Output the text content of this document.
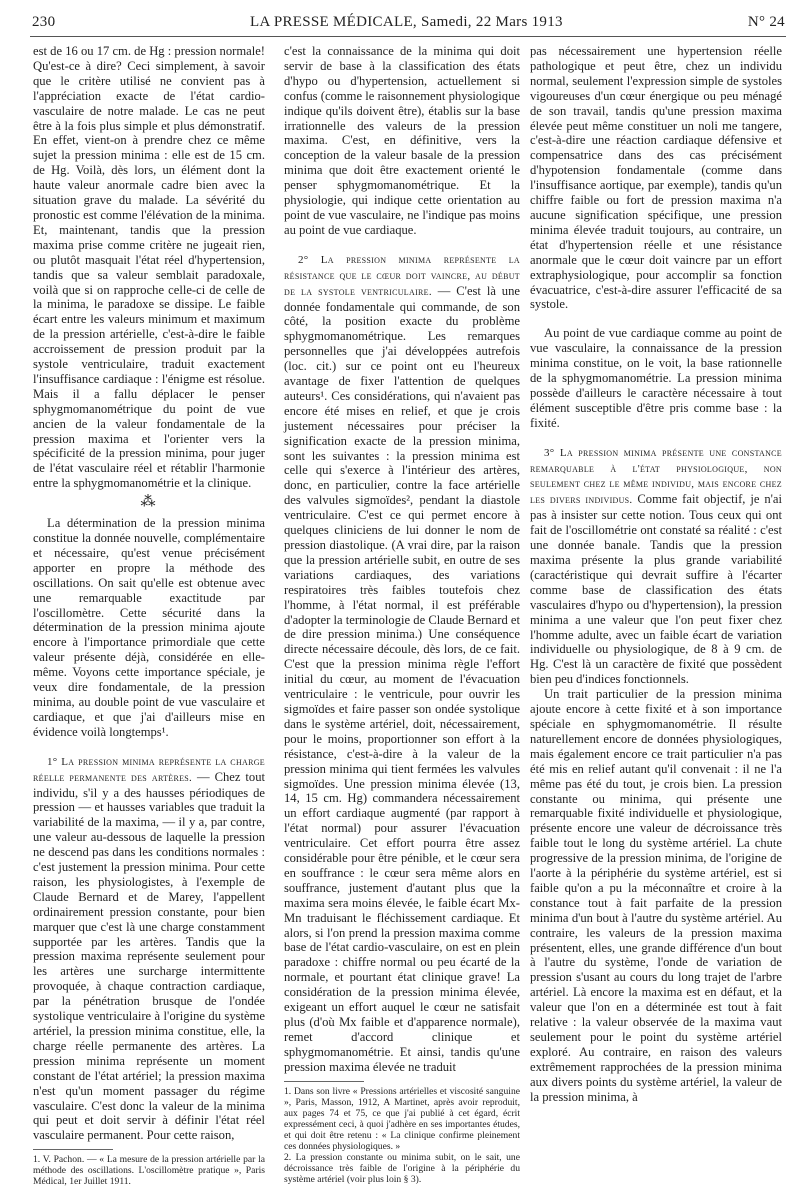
230	LA PRESSE MÉDICALE, Samedi, 22 Mars 1913	N° 24

est de 16 ou 17 cm. de Hg : pression normale! Qu'est-ce à dire? Ceci simplement, à savoir que le critère utilisé ne convient pas à l'appréciation exacte de l'état cardio-vasculaire de notre malade. Le cas ne peut être à la fois plus simple et plus démonstratif. En effet, vient-on à prendre chez ce même sujet la pression minima : elle est de 15 cm. de Hg. Voilà, dès lors, un élément dont la haute valeur anormale cadre bien avec la situation grave du malade. La sévérité du pronostic est comme l'élévation de la minima. Et, maintenant, tandis que la pression maxima prise comme critère ne jugeait rien, ou plutôt masquait l'état réel d'hypertension, tandis que sa valeur semblait paradoxale, voilà que si on rapproche celle-ci de celle de la minima, le paradoxe se dissipe. Le faible écart entre les valeurs minimum et maximum de la pression artérielle, c'est-à-dire le faible accroissement de pression produit par la systole ventriculaire, traduit exactement l'insuffisance cardiaque : l'énigme est résolue. Mais il a fallu déplacer le penser sphygmomanométrique du point de vue ancien de la valeur fondamentale de la pression maxima et l'orienter vers la spécificité de la pression minima, pour juger de l'état vasculaire réel et rétablir l'harmonie entre la sphygmomanométrie et la clinique.

⁂

La détermination de la pression minima constitue la donnée nouvelle, complémentaire et nécessaire, qu'est venue précisément apporter en propre la méthode des oscillations. On sait qu'elle est obtenue avec une remarquable exactitude par l'oscillomètre. Cette sécurité dans la détermination de la pression minima ajoute encore à l'importance primordiale que cette valeur présente déjà, considérée en elle-même. Voyons cette importance spéciale, je veux dire fondamentale, de la pression minima, au double point de vue vasculaire et cardiaque, et que j'ai d'ailleurs mise en évidence voilà longtemps¹.

1° La pression minima représente la charge réelle permanente des artères. — Chez tout individu, s'il y a des hausses périodiques de pression — et hausses variables que traduit la variabilité de la maxima, — il y a, par contre, une valeur au-dessous de laquelle la pression ne descend pas dans les conditions normales : c'est justement la pression minima. Pour cette raison, les physiologistes, à l'exemple de Claude Bernard et de Marey, l'appellent ordinairement pression constante, pour bien marquer que c'est là une charge constamment supportée par les artères. Tandis que la pression maxima représente seulement pour les artères une surcharge intermittente provoquée, à chaque contraction cardiaque, par la pénétration brusque de l'ondée systolique ventriculaire à l'origine du système artériel, la pression minima constitue, elle, la charge réelle permanente des artères. La pression minima représente un moment constant de l'état artériel; la pression maxima n'est qu'un moment passager du régime vasculaire. C'est donc la valeur de la minima qui peut et doit servir à définir l'état réel vasculaire permanent. Pour cette raison,

1. V. Pachon. — « La mesure de la pression artérielle par la méthode des oscillations. L'oscillomètre pratique », Paris Médical, 1er Juillet 1911.

c'est la connaissance de la minima qui doit servir de base à la classification des états d'hypo ou d'hypertension, actuellement si confus (comme le raisonnement physiologique indique qu'ils doivent être), établis sur la base irrationnelle des valeurs de la pression maxima. C'est, en définitive, vers la conception de la valeur basale de la pression minima que doit être exactement orienté le penser sphygmomanométrique. Et la physiologie, qui indique cette orientation au point de vue vasculaire, ne l'indique pas moins au point de vue cardiaque.

2° La pression minima représente la résistance que le cœur doit vaincre, au début de la systole ventriculaire. — C'est là une donnée fondamentale qui commande, de son côté, la position exacte du problème sphygmomanométrique. Les remarques personnelles que j'ai développées autrefois (loc. cit.) sur ce point ont eu l'heureux avantage de fixer l'attention de quelques auteurs¹. Ces considérations, qui n'avaient pas encore été mises en relief, et que je crois justement nécessaires pour préciser la signification exacte de la pression minima, sont les suivantes : la pression minima est celle qui s'exerce à l'intérieur des artères, donc, en particulier, contre la face artérielle des valvules sigmoïdes², pendant la diastole ventriculaire. C'est ce qui permet encore à quelques cliniciens de lui donner le nom de pression diastolique. (A vrai dire, par la raison que la pression artérielle subit, en outre de ses variations cardiaques, des variations respiratoires très faibles toutefois chez l'homme, à l'état normal, il est préférable d'adopter la terminologie de Claude Bernard et de dire pression minima.) Une conséquence directe nécessaire découle, dès lors, de ce fait. C'est que la pression minima règle l'effort initial du cœur, au moment de l'évacuation ventriculaire : le ventricule, pour ouvrir les sigmoïdes et faire passer son ondée systolique dans le système artériel, doit, nécessairement, pour le moins, proportionner son effort à la résistance, c'est-à-dire à la valeur de la pression minima qui tient fermées les valvules sigmoïdes. Une pression minima élevée (13, 14, 15 cm. Hg) commandera nécessairement un effort cardiaque augmenté (par rapport à l'état normal) pour assurer l'évacuation ventriculaire. Cet effort pourra être assez considérable pour être pénible, et le cœur sera en souffrance : le cœur sera même alors en souffrance, justement d'autant plus que la maxima sera moins élevée, le faible écart Mx-Mn traduisant le fléchissement cardiaque. Et alors, si l'on prend la pression maxima comme base de l'état cardio-vasculaire, on est en plein paradoxe : chiffre normal ou peu écarté de la normale, et pourtant état clinique grave! La considération de la pression minima élevée, exigeant un effort auquel le cœur ne satisfait plus (d'où Mx faible et d'apparence normale), remet d'accord clinique et sphygmomanométrie. Et ainsi, tandis qu'une pression maxima élevée ne traduit

1. Dans son livre « Pressions artérielles et viscosité sanguine », Paris, Masson, 1912, A Martinet, après avoir reproduit, aux pages 74 et 75, ce que j'ai publié à cet égard, écrit expressément ceci, à quoi j'adhère en ses importantes études, et qui doit être retenu : « La clinique confirme pleinement ces données physiologiques. »

2. La pression constante ou minima subit, on le sait, une décroissance très faible de l'origine à la périphérie du système artériel (voir plus loin § 3).

pas nécessairement une hypertension réelle pathologique et peut être, chez un individu normal, seulement l'expression simple de systoles vigoureuses d'un cœur énergique ou peu ménagé de son travail, tandis qu'une pression maxima élevée peut même constituer un noli me tangere, c'est-à-dire une réaction cardiaque défensive et compensatrice dans des cas précisément d'hypotension fondamentale (comme dans l'insuffisance aortique, par exemple), tandis qu'un chiffre faible ou fort de pression maxima n'a aucune signification spécifique, une pression minima élevée traduit toujours, au contraire, un état d'hypertension réelle et une résistance anormale que le cœur doit vaincre par un effort extraphysiologique, pour accomplir sa fonction évacuatrice, c'est-à-dire assurer l'efficacité de sa systole.

Au point de vue cardiaque comme au point de vue vasculaire, la connaissance de la pression minima constitue, on le voit, la base rationnelle de la sphygmomanométrie. La pression minima possède d'ailleurs le caractère nécessaire à tout élément susceptible d'être pris comme base : la fixité.

3° La pression minima présente une constance remarquable à l'état physiologique, non seulement chez le même individu, mais encore chez les divers individus. Comme fait objectif, je n'ai pas à insister sur cette notion. Tous ceux qui ont fait de l'oscillométrie ont constaté sa réalité : c'est une donnée banale. Tandis que la pression maxima présente la plus grande variabilité (caractéristique qui devrait suffire à l'écarter comme base de classification des états vasculaires d'hypo ou d'hypertension), la pression minima a une valeur que l'on peut fixer chez l'homme adulte, avec un faible écart de variation individuelle ou physiologique, de 8 à 9 cm. de Hg. C'est là un caractère de fixité que possèdent bien peu d'indices fonctionnels.

Un trait particulier de la pression minima ajoute encore à cette fixité et à son importance spéciale en sphygmomanométrie. Il résulte naturellement encore de données physiologiques, mais également encore ce trait particulier n'a pas été mis en relief autant qu'il convenait : il ne l'a même pas été du tout, je crois bien. La pression constante ou minima, qui présente une remarquable fixité individuelle et physiologique, présente encore une valeur de décroissance très faible tout le long du système artériel. La chute progressive de la pression minima, de l'origine de l'aorte à la périphérie du système artériel, est si faible qu'on a pu la méconnaître et croire à la constance tout à fait parfaite de la pression minima d'un bout à l'autre du système artériel. Au contraire, les valeurs de la pression maxima présentent, elles, une grande différence d'un bout à l'autre du système, l'onde de variation de pression s'usant au cours du long trajet de l'arbre artériel. Là encore la maxima est en défaut, et la valeur que l'on en a déterminée est tout à fait relative : la valeur observée de la maxima vaut seulement pour le point du système artériel exploré. Au contraire, en raison des valeurs extrêmement rapprochées de la pression minima aux divers points du système artériel, la valeur de la pression minima, à
